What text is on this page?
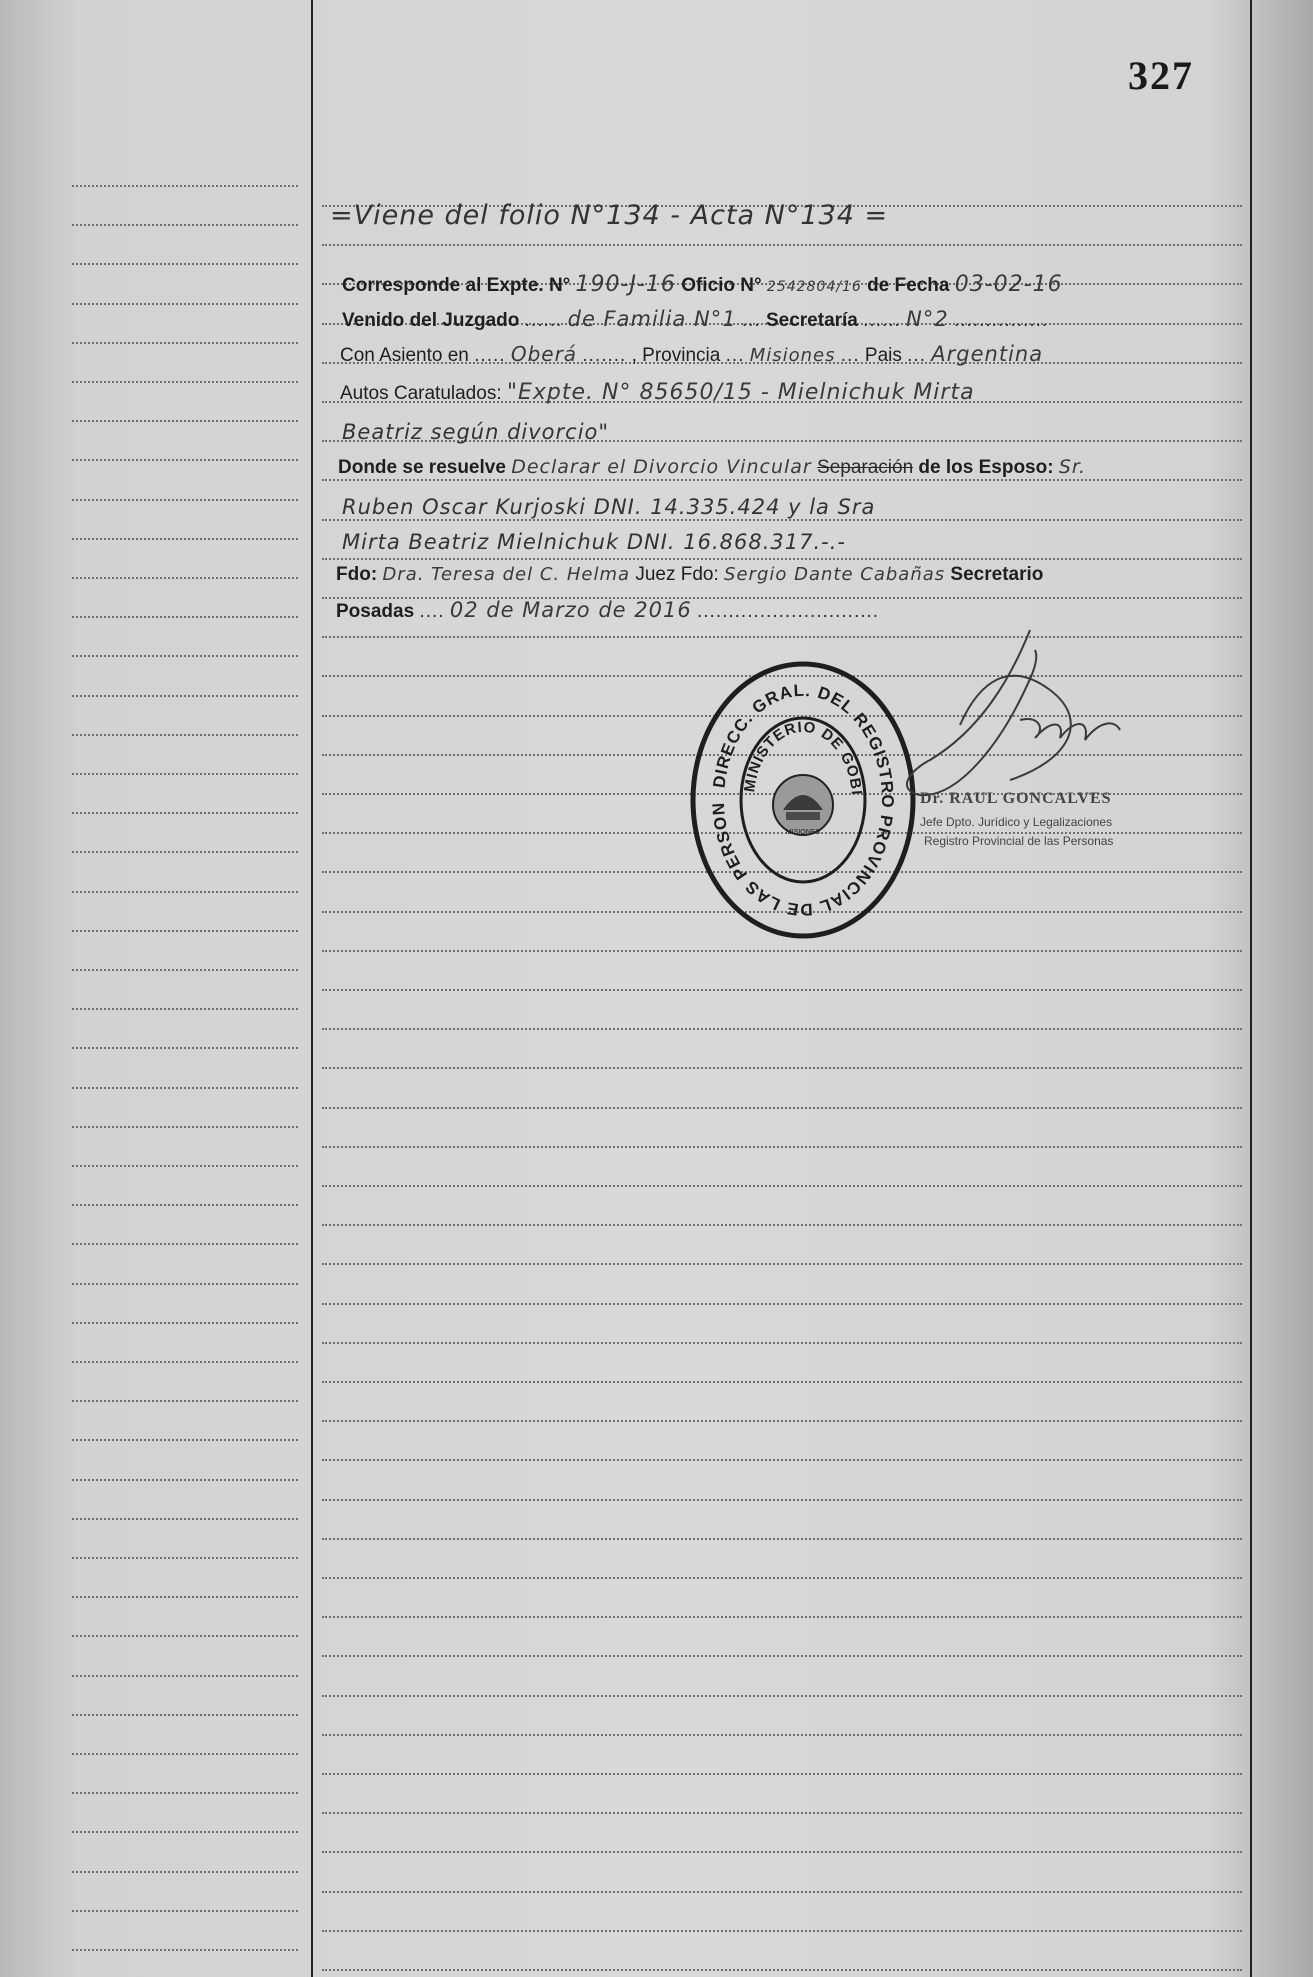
327
=Viene del folio N°134 - Acta N°134 =
Corresponde al Expte. N° 190-J-16 Oficio N° 2542804/16 de Fecha 03-02-16
Venido del Juzgado ...... de Familia N°1 ... Secretaría ...... N°2 ...............
Con Asiento en ..... Oberá ....... , Provincia ... Misiones ... Pais ... Argentina
Autos Caratulados: "Expte. N° 85650/15 - Mielnichuk Mirta
Beatriz según divorcio"
Donde se resuelve Declarar el Divorcio Vincular Separación de los Esposo: Sr.
Ruben Oscar Kurjoski DNI. 14.335.424 y la Sra
Mirta Beatriz Mielnichuk DNI. 16.868.317.-.-
Fdo: Dra. Teresa del C. Helma Juez Fdo: Sergio Dante Cabañas Secretario
Posadas .... 02 de Marzo de 2016 .............................
DIRECC. GRAL. DEL REGISTRO PROVINCIAL DE LAS PERSON
MINISTERIO DE GOBI
MISIONES
Dr. RAUL GONCALVES
Jefe Dpto. Jurídico y Legalizaciones
Registro Provincial de las Personas
